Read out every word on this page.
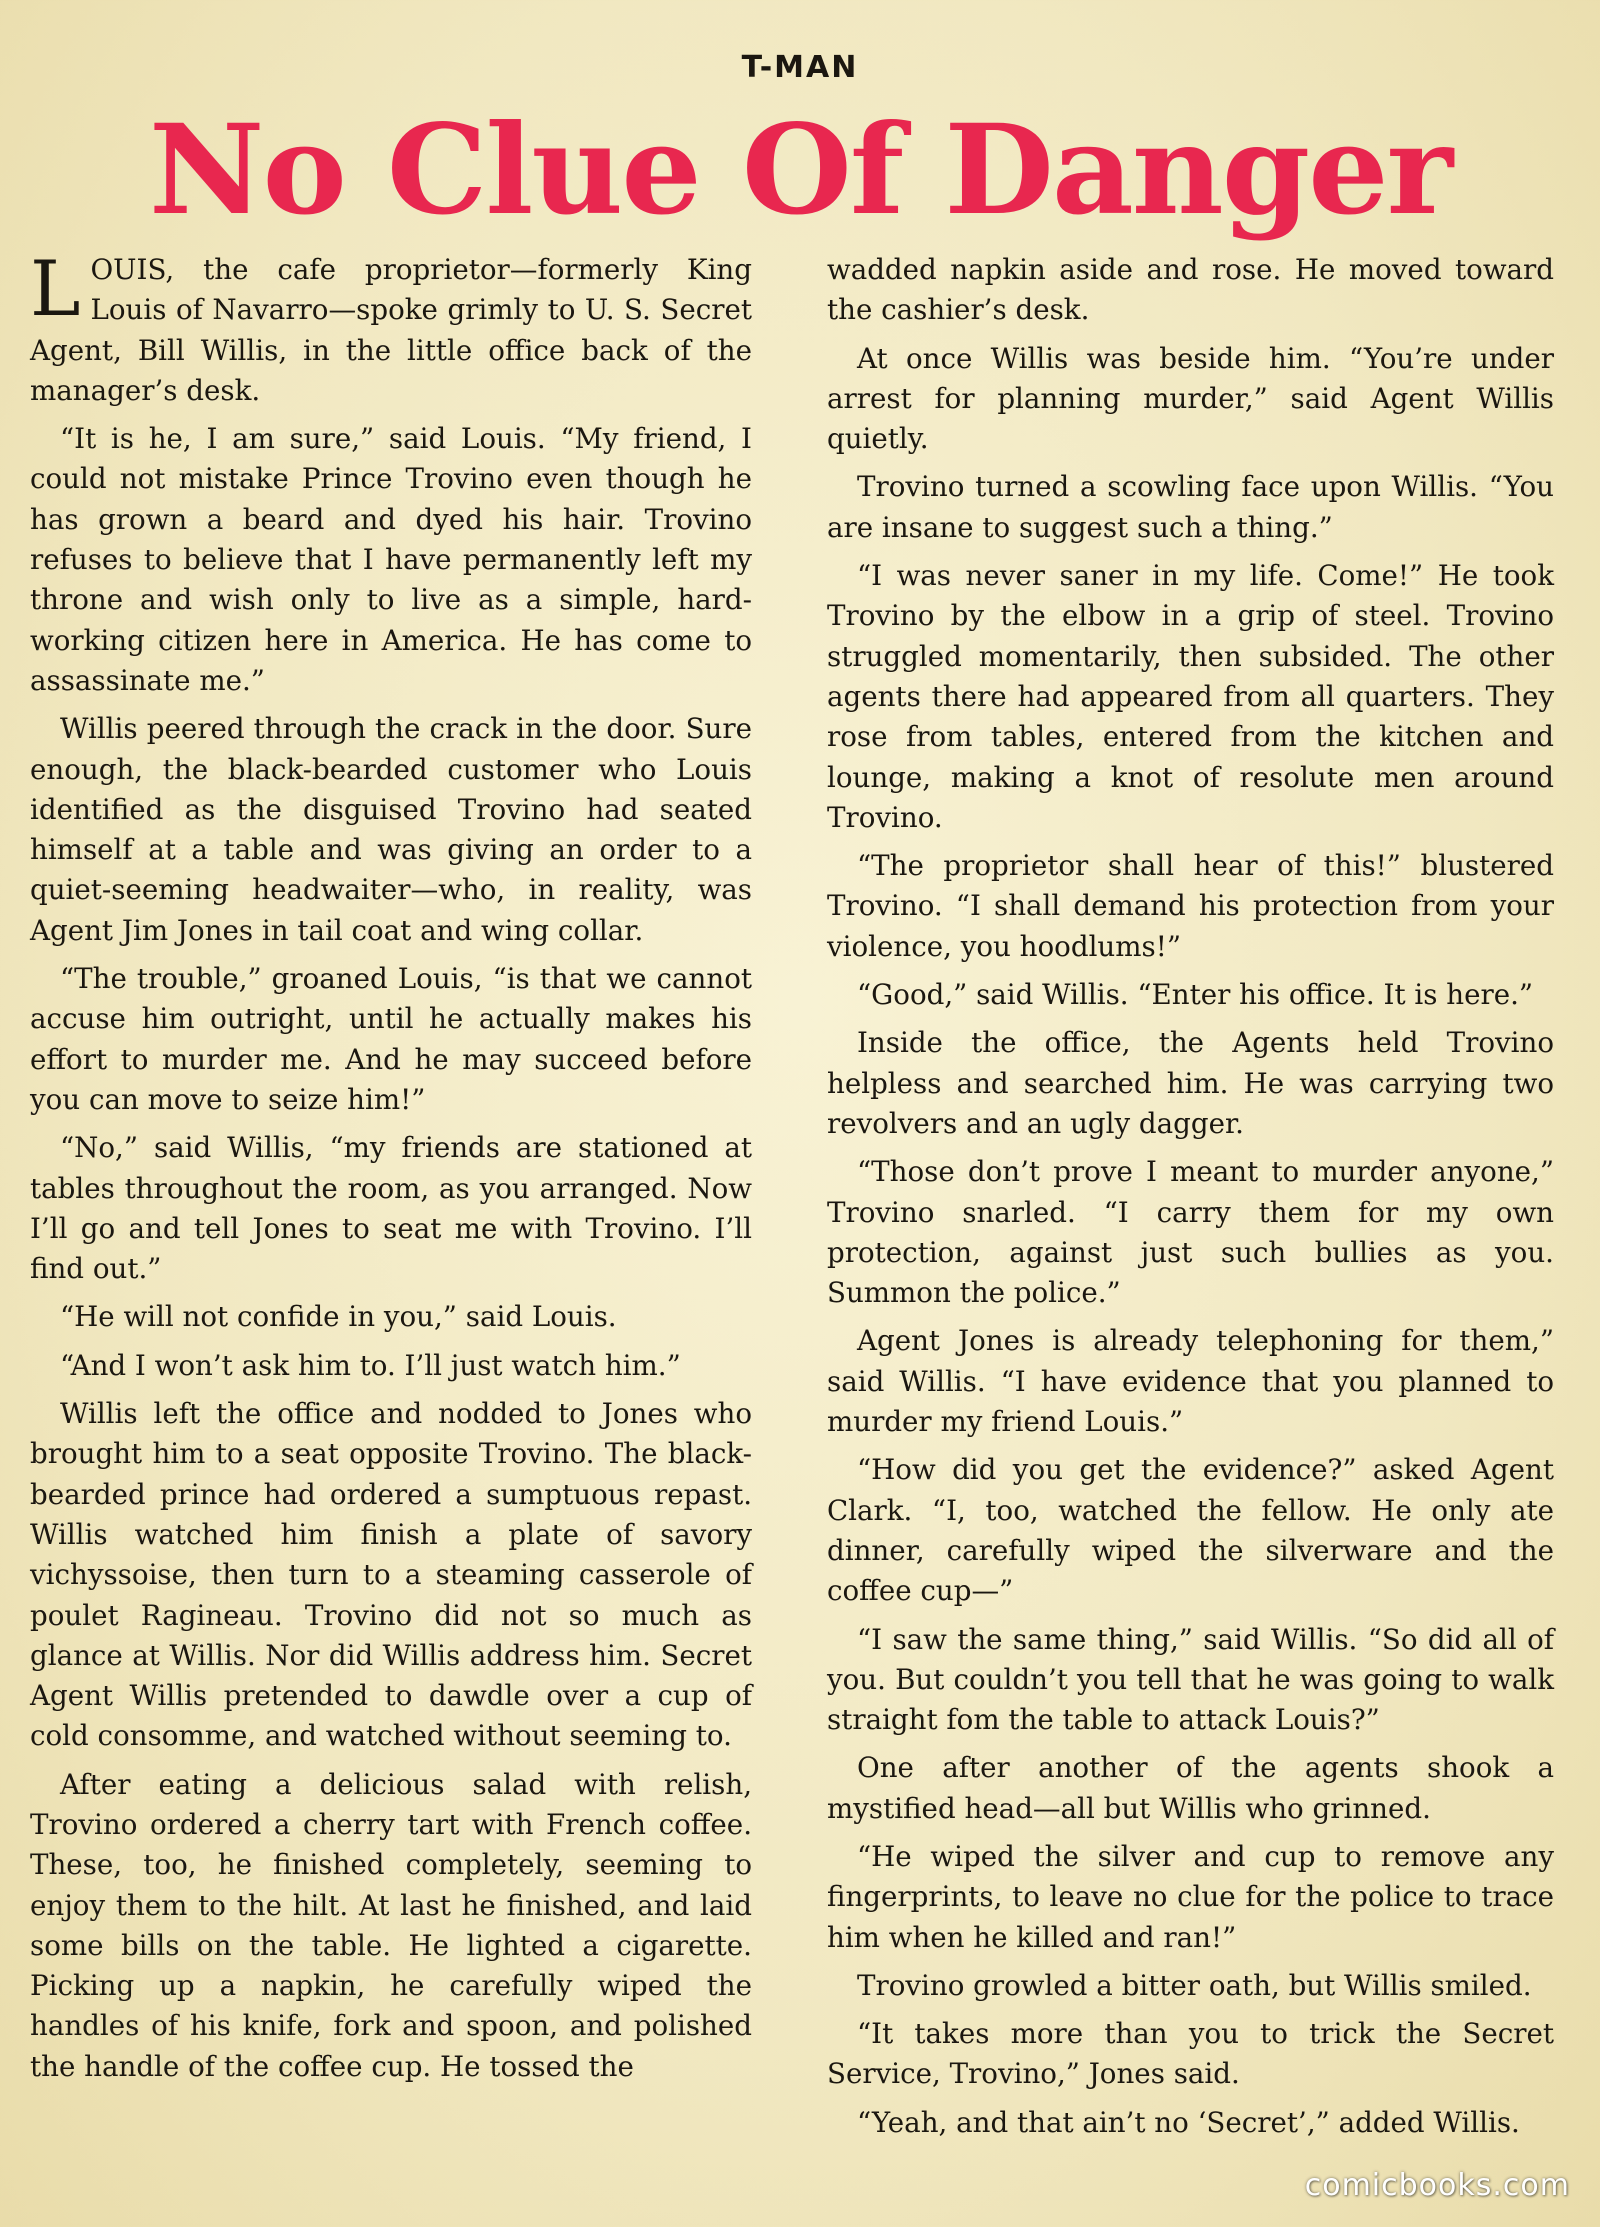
T-MAN
No Clue Of Danger

LOUIS, the cafe proprietor—formerly King Louis of Navarro—spoke grimly to U. S. Secret Agent, Bill Willis, in the little office back of the manager’s desk.

“It is he, I am sure,” said Louis. “My friend, I could not mistake Prince Trovino even though he has grown a beard and dyed his hair. Trovino refuses to believe that I have permanently left my throne and wish only to live as a simple, hard-working citizen here in America. He has come to assassinate me.”

Willis peered through the crack in the door. Sure enough, the black-bearded customer who Louis identified as the disguised Trovino had seated himself at a table and was giving an order to a quiet-seeming headwaiter—who, in reality, was Agent Jim Jones in tail coat and wing collar.

“The trouble,” groaned Louis, “is that we cannot accuse him outright, until he actually makes his effort to murder me. And he may succeed before you can move to seize him!”

“No,” said Willis, “my friends are stationed at tables throughout the room, as you arranged. Now I’ll go and tell Jones to seat me with Trovino. I’ll find out.”

“He will not confide in you,” said Louis.

“And I won’t ask him to. I’ll just watch him.”

Willis left the office and nodded to Jones who brought him to a seat opposite Trovino. The black-bearded prince had ordered a sumptuous repast. Willis watched him finish a plate of savory vichyssoise, then turn to a steaming casserole of poulet Ragineau. Trovino did not so much as glance at Willis. Nor did Willis address him. Secret Agent Willis pretended to dawdle over a cup of cold consomme, and watched without seeming to.

After eating a delicious salad with relish, Trovino ordered a cherry tart with French coffee. These, too, he finished completely, seeming to enjoy them to the hilt. At last he finished, and laid some bills on the table. He lighted a cigarette. Picking up a napkin, he carefully wiped the handles of his knife, fork and spoon, and polished the handle of the coffee cup. He tossed the

wadded napkin aside and rose. He moved toward the cashier’s desk.

At once Willis was beside him. “You’re under arrest for planning murder,” said Agent Willis quietly.

Trovino turned a scowling face upon Willis. “You are insane to suggest such a thing.”

“I was never saner in my life. Come!” He took Trovino by the elbow in a grip of steel. Trovino struggled momentarily, then subsided. The other agents there had appeared from all quarters. They rose from tables, entered from the kitchen and lounge, making a knot of resolute men around Trovino.

“The proprietor shall hear of this!” blustered Trovino. “I shall demand his protection from your violence, you hoodlums!”

“Good,” said Willis. “Enter his office. It is here.”

Inside the office, the Agents held Trovino helpless and searched him. He was carrying two revolvers and an ugly dagger.

“Those don’t prove I meant to murder anyone,” Trovino snarled. “I carry them for my own protection, against just such bullies as you. Summon the police.”

Agent Jones is already telephoning for them,” said Willis. “I have evidence that you planned to murder my friend Louis.”

“How did you get the evidence?” asked Agent Clark. “I, too, watched the fellow. He only ate dinner, carefully wiped the silverware and the coffee cup—”

“I saw the same thing,” said Willis. “So did all of you. But couldn’t you tell that he was going to walk straight fom the table to attack Louis?”

One after another of the agents shook a mystified head—all but Willis who grinned.

“He wiped the silver and cup to remove any fingerprints, to leave no clue for the police to trace him when he killed and ran!”

Trovino growled a bitter oath, but Willis smiled.

“It takes more than you to trick the Secret Service, Trovino,” Jones said.

“Yeah, and that ain’t no ‘Secret’,” added Willis.

comicbooks.com
